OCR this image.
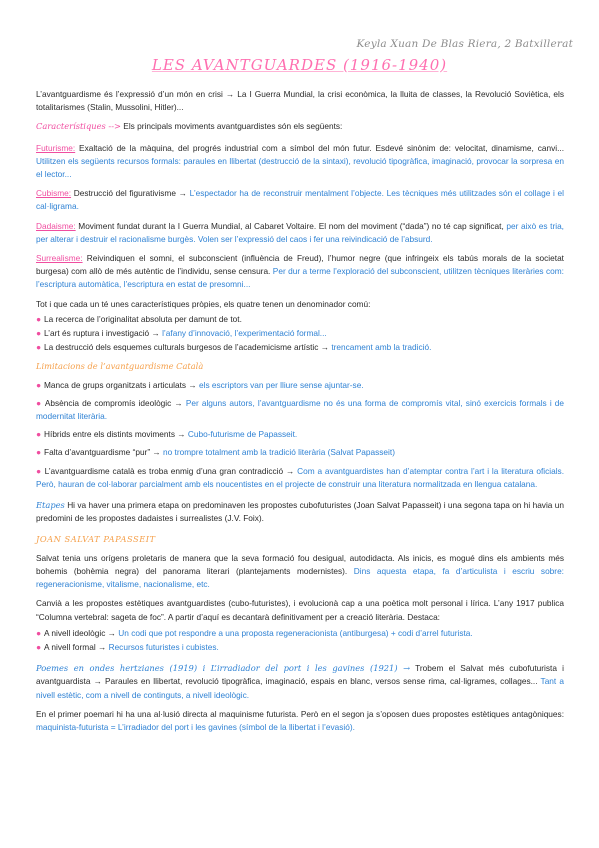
Keyla Xuan De Blas Riera, 2 Batxillerat
LES AVANTGUARDES (1916-1940)

L’avantguardisme és l’expressió d’un món en crisi → La I Guerra Mundial, la crisi econòmica, la lluita de classes, la Revolució Soviètica, els totalitarismes (Stalin, Mussolini, Hitler)...

Característiques --> Els principals moviments avantguardistes són els següents:

Futurisme: Exaltació de la màquina, del progrés industrial com a símbol del món futur. Esdevé sinònim de: velocitat, dinamisme, canvi... Utilitzen els següents recursos formals: paraules en llibertat (destrucció de la sintaxi), revolució tipogràfica, imaginació, provocar la sorpresa en el lector...

Cubisme: Destrucció del figurativisme → L’espectador ha de reconstruir mentalment l’objecte. Les tècniques més utilitzades són el collage i el cal·ligrama.

Dadaisme: Moviment fundat durant la I Guerra Mundial, al Cabaret Voltaire. El nom del moviment (“dada”) no té cap significat, per això es tria, per alterar i destruir el racionalisme burgès. Volen ser l’expressió del caos i fer una reivindicació de l’absurd.

Surrealisme: Reivindiquen el somni, el subconscient (influència de Freud), l’humor negre (que infringeix els tabús morals de la societat burgesa) com allò de més autèntic de l’individu, sense censura. Per dur a terme l’exploració del subconscient, utilitzen tècniques literàries com: l’escriptura automàtica, l’escriptura en estat de presomni...

Tot i que cada un té unes característiques pròpies, els quatre tenen un denominador comú:

● La recerca de l’originalitat absoluta per damunt de tot.
● L’art és ruptura i investigació → l’afany d’innovació, l’experimentació formal...
● La destrucció dels esquemes culturals burgesos de l’academicisme artístic → trencament amb la tradició.
Limitacions de l’avantguardisme Català
● Manca de grups organitzats i articulats → els escriptors van per lliure sense ajuntar-se.

● Absència de compromís ideològic → Per alguns autors, l’avantguardisme no és una forma de compromís vital, sinó exercicis formals i de modernitat literària.

● Híbrids entre els distints moviments → Cubo-futurisme de Papasseit.
● Falta d’avantguardisme “pur” → no trompre totalment amb la tradició literària (Salvat Papasseit)

● L’avantguardisme català es troba enmig d’una gran contradicció → Com a avantguardistes han d’atemptar contra l’art i la literatura oficials. Però, hauran de col·laborar parcialment amb els noucentistes en el projecte de construir una literatura normalitzada en llengua catalana.

Etapes Hi va haver una primera etapa on predominaven les propostes cubofuturistes (Joan Salvat Papasseit) i una segona tapa on hi havia un predomini de les propostes dadaistes i surrealistes (J.V. Foix).

JOAN SALVAT PAPASSEIT

Salvat tenia uns orígens proletaris de manera que la seva formació fou desigual, autodidacta. Als inicis, es mogué dins els ambients més bohemis (bohèmia negra) del panorama literari (plantejaments modernistes). Dins aquesta etapa, fa d’articulista i escriu sobre: regeneracionisme, vitalisme, nacionalisme, etc.

Canvià a les propostes estètiques avantguardistes (cubo-futuristes), i evolucionà cap a una poètica molt personal i lírica. L’any 1917 publica “Columna vertebral: sageta de foc”. A partir d’aquí es decantarà definitivament per a creació literària. Destaca:

● A nivell ideològic → Un codi que pot respondre a una proposta regeneracionista (antiburgesa) + codi d’arrel futurista.
● A nivell formal → Recursos futuristes i cubistes.

Poemes en ondes hertzianes (1919) i L’irradiador del port i les gavines (1921) → Trobem el Salvat més cubofuturista i avantguardista → Paraules en llibertat, revolució tipogràfica, imaginació, espais en blanc, versos sense rima, cal·ligrames, collages... Tant a nivell estètic, com a nivell de continguts, a nivell ideològic.

En el primer poemari hi ha una al·lusió directa al maquinisme futurista. Però en el segon ja s’oposen dues propostes estètiques antagòniques: maquinista-futurista = L’irradiador del port i les gavines (símbol de la llibertat i l’evasió).
